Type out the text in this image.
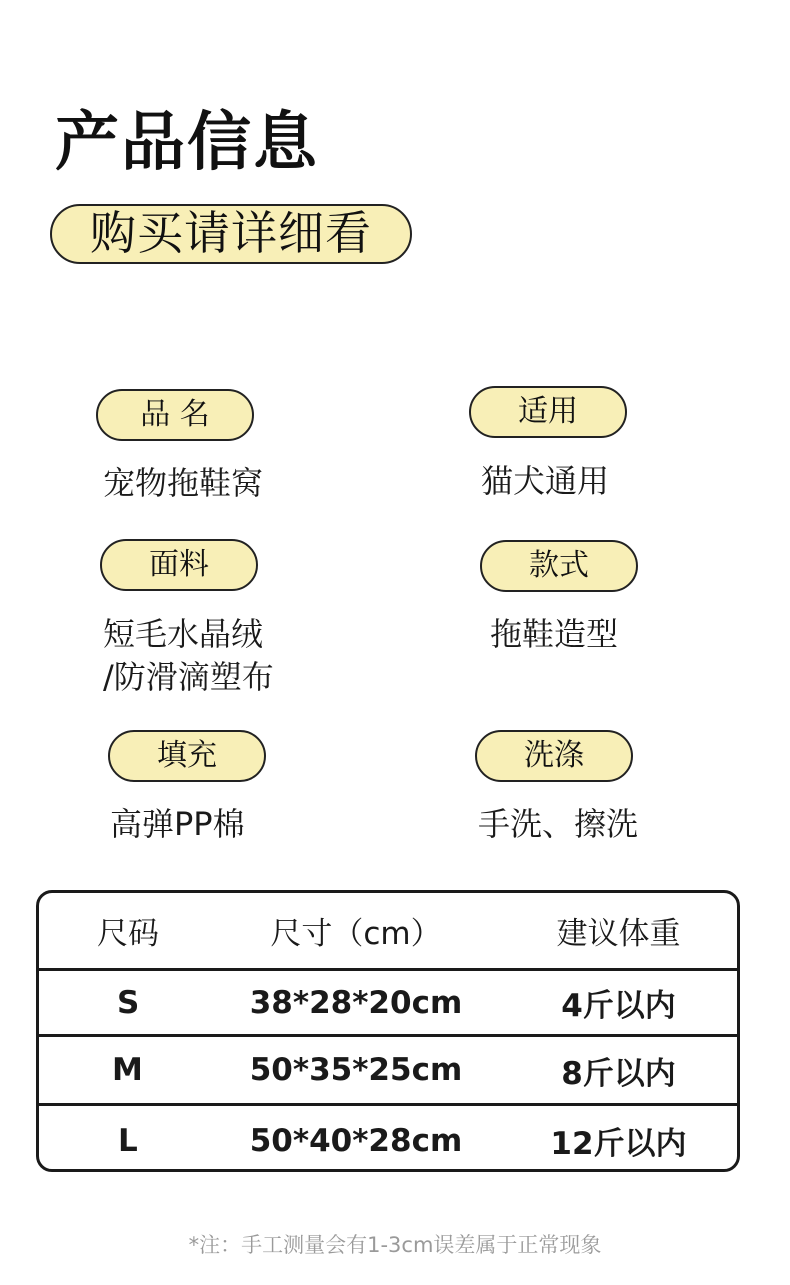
产品信息
购买请详细看
品 名

宠物拖鞋窝

适用

猫犬通用

面料

短毛水晶绒

/防滑滴塑布

款式

拖鞋造型

填充

高弹PP棉

洗涤

手洗、擦洗

尺码	尺寸（cm）	建议体重
S	38*28*20cm	4斤以内
M	50*35*25cm	8斤以内
L	50*40*28cm	12斤以内

*注：手工测量会有1-3cm误差属于正常现象
